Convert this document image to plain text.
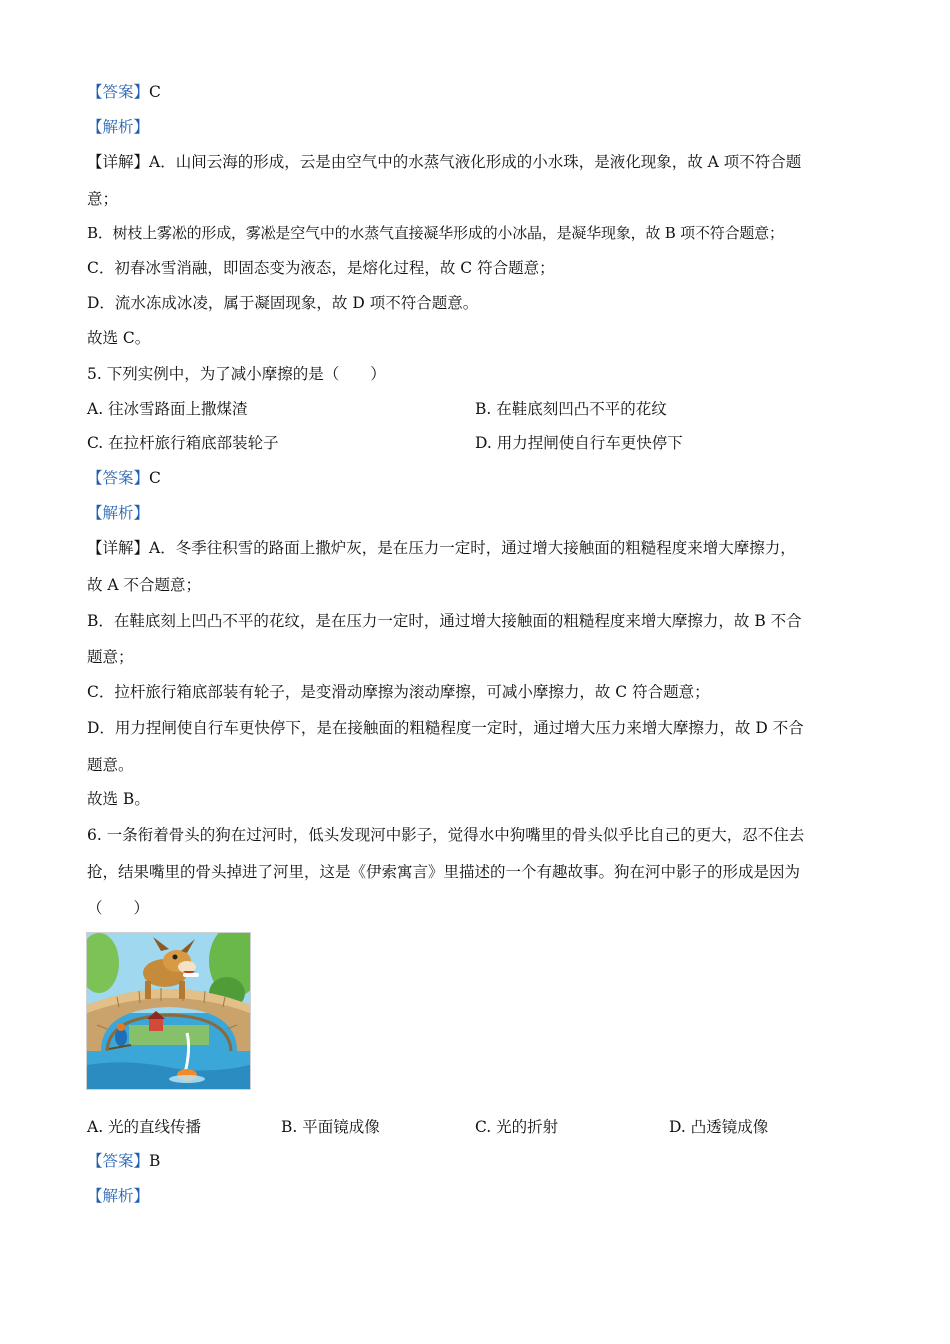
【答案】C
【解析】
【详解】A．山间云海的形成，云是由空气中的水蒸气液化形成的小水珠，是液化现象，故 A 项不符合题
意；
B．树枝上雾凇的形成，雾凇是空气中的水蒸气直接凝华形成的小冰晶，是凝华现象，故 B 项不符合题意；
C．初春冰雪消融，即固态变为液态，是熔化过程，故 C 符合题意；
D．流水冻成冰凌，属于凝固现象，故 D 项不符合题意。
故选 C。
5. 下列实例中，为了减小摩擦的是（　　）
A. 往冰雪路面上撒煤渣	B. 在鞋底刻凹凸不平的花纹
C. 在拉杆旅行箱底部装轮子	D. 用力捏闸使自行车更快停下
【答案】C
【解析】
【详解】A．冬季往积雪的路面上撒炉灰，是在压力一定时，通过增大接触面的粗糙程度来增大摩擦力，
故 A 不合题意；
B．在鞋底刻上凹凸不平的花纹，是在压力一定时，通过增大接触面的粗糙程度来增大摩擦力，故 B 不合
题意；
C．拉杆旅行箱底部装有轮子，是变滑动摩擦为滚动摩擦，可减小摩擦力，故 C 符合题意；
D．用力捏闸使自行车更快停下，是在接触面的粗糙程度一定时，通过增大压力来增大摩擦力，故 D 不合
题意。
故选 B。
6. 一条衔着骨头的狗在过河时，低头发现河中影子，觉得水中狗嘴里的骨头似乎比自己的更大，忍不住去
抢，结果嘴里的骨头掉进了河里，这是《伊索寓言》里描述的一个有趣故事。狗在河中影子的形成是因为
（　　）
A. 光的直线传播	B. 平面镜成像	C. 光的折射	D. 凸透镜成像
【答案】B
【解析】
